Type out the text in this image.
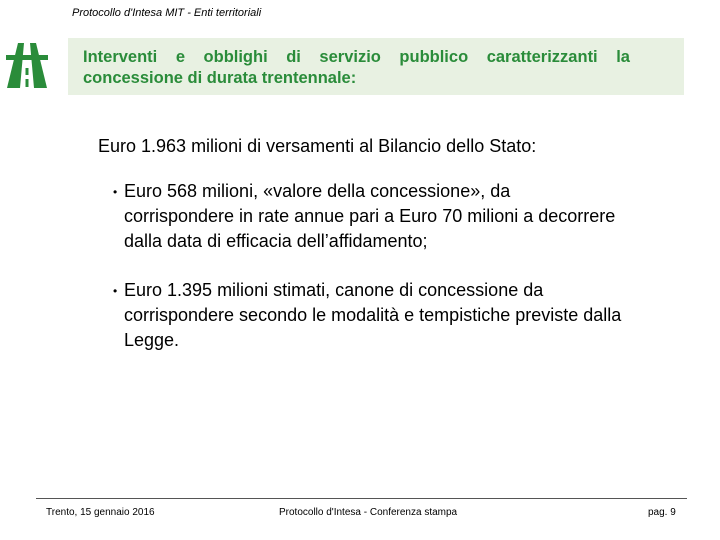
Protocollo d'Intesa MIT - Enti territoriali
Interventi e obblighi di servizio pubblico caratterizzanti la
concessione di durata trentennale:
Euro 1.963 milioni di versamenti al Bilancio dello Stato:
• Euro 568 milioni, «valore della concessione», da
corrispondere in rate annue pari a Euro 70 milioni a decorrere
dalla data di efficacia dell’affidamento;
• Euro 1.395 milioni stimati, canone di concessione da
corrispondere secondo le modalità e tempistiche previste dalla
Legge.
Trento, 15 gennaio 2016	Protocollo d'Intesa - Conferenza stampa	pag. 9
